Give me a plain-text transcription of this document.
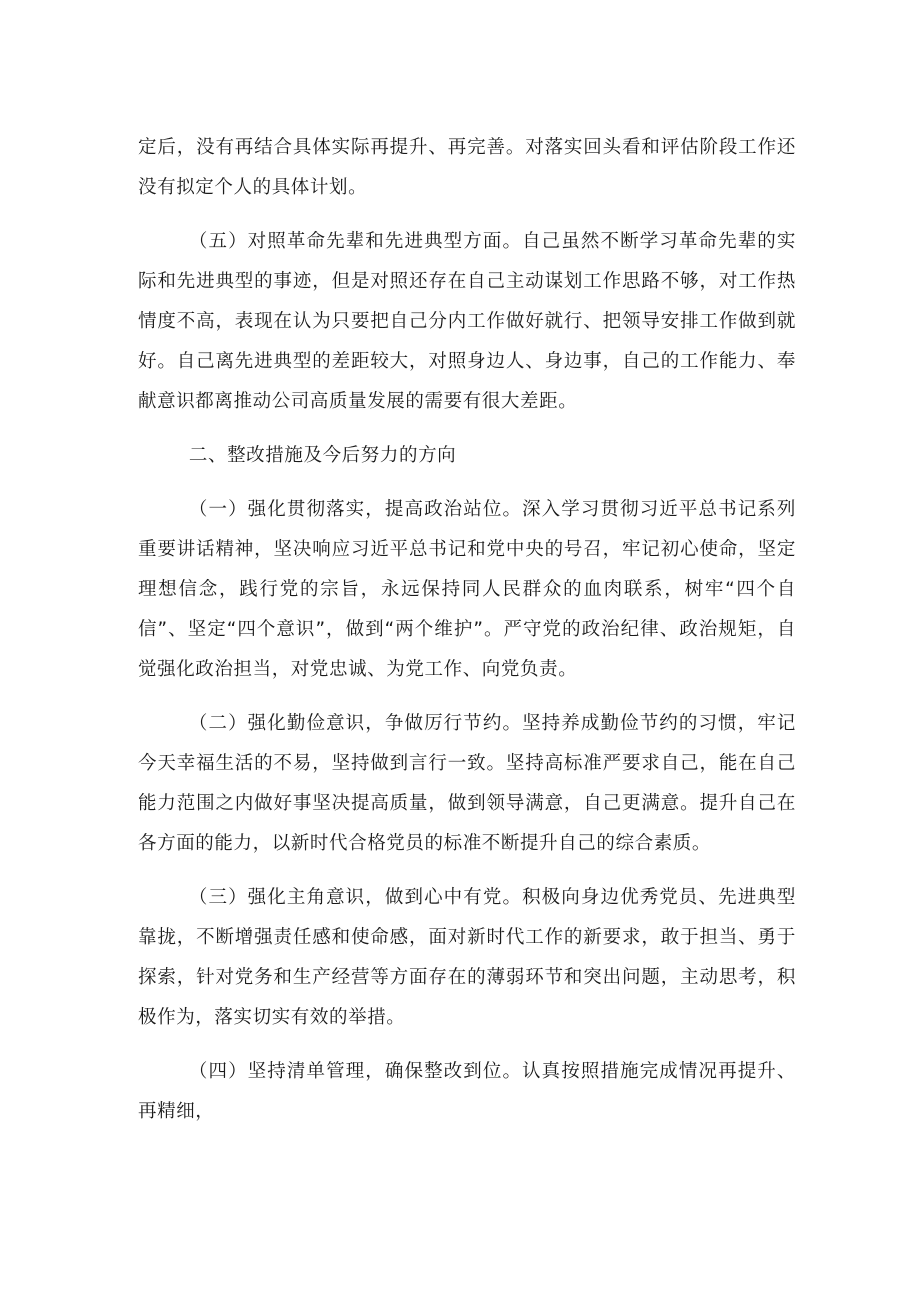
定后，没有再结合具体实际再提升、再完善。对落实回头看和评估阶段工作还没有拟定个人的具体计划。

（五）对照革命先辈和先进典型方面。自己虽然不断学习革命先辈的实际和先进典型的事迹，但是对照还存在自己主动谋划工作思路不够，对工作热情度不高，表现在认为只要把自己分内工作做好就行、把领导安排工作做到就好。自己离先进典型的差距较大，对照身边人、身边事，自己的工作能力、奉献意识都离推动公司高质量发展的需要有很大差距。

二、整改措施及今后努力的方向

（一）强化贯彻落实，提高政治站位。深入学习贯彻习近平总书记系列重要讲话精神，坚决响应习近平总书记和党中央的号召，牢记初心使命，坚定理想信念，践行党的宗旨，永远保持同人民群众的血肉联系，树牢“四个自信”、坚定“四个意识”，做到“两个维护”。严守党的政治纪律、政治规矩，自觉强化政治担当，对党忠诚、为党工作、向党负责。

（二）强化勤俭意识，争做厉行节约。坚持养成勤俭节约的习惯，牢记今天幸福生活的不易，坚持做到言行一致。坚持高标准严要求自己，能在自己能力范围之内做好事坚决提高质量，做到领导满意，自己更满意。提升自己在各方面的能力，以新时代合格党员的标准不断提升自己的综合素质。

（三）强化主角意识，做到心中有党。积极向身边优秀党员、先进典型靠拢，不断增强责任感和使命感，面对新时代工作的新要求，敢于担当、勇于探索，针对党务和生产经营等方面存在的薄弱环节和突出问题，主动思考，积极作为，落实切实有效的举措。

（四）坚持清单管理，确保整改到位。认真按照措施完成情况再提升、再精细，
